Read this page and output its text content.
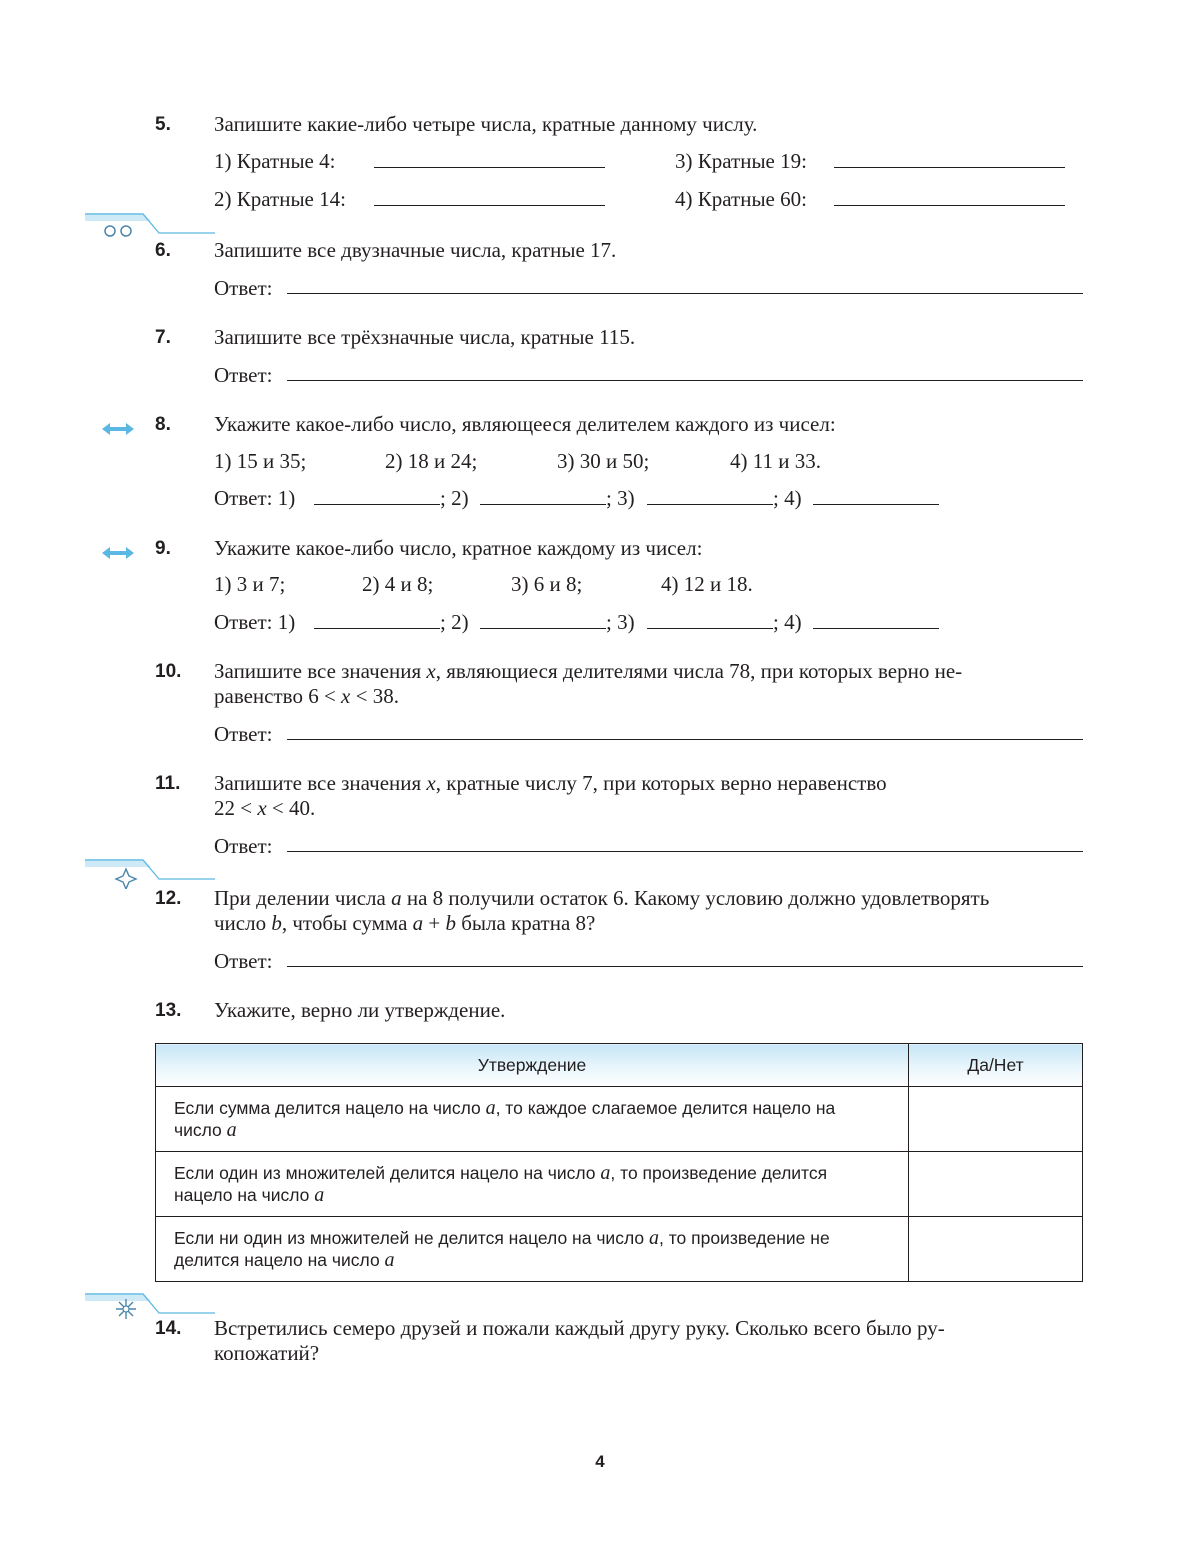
5. Запишите какие-либо четыре числа, кратные данному числу.
1) Кратные 4:
2) Кратные 14:
3) Кратные 19:
4) Кратные 60:
6. Запишите все двузначные числа, кратные 17.
Ответ:
7. Запишите все трёхзначные числа, кратные 115.
Ответ:
8. Укажите какое-либо число, являющееся делителем каждого из чисел:
1) 15 и 35;	2) 18 и 24;	3) 30 и 50;	4) 11 и 33.
Ответ: 1)	; 2)	; 3)	; 4)
9. Укажите какое-либо число, кратное каждому из чисел:
1) 3 и 7;	2) 4 и 8;	3) 6 и 8;	4) 12 и 18.
Ответ: 1)	; 2)	; 3)	; 4)
10. Запишите все значения x, являющиеся делителями числа 78, при которых верно не-
равенство 6 < x < 38.
Ответ:
11. Запишите все значения x, кратные числу 7, при которых верно неравенство
22 < x < 40.
Ответ:
12. При делении числа a на 8 получили остаток 6. Какому условию должно удовлетворять
число b, чтобы сумма a + b была кратна 8?
Ответ:
13. Укажите, верно ли утверждение.
Утверждение	Да/Нет
Если сумма делится нацело на число a, то каждое слагаемое делится нацело на
число a	
Если один из множителей делится нацело на число a, то произведение делится
нацело на число a	
Если ни один из множителей не делится нацело на число a, то произведение не
делится нацело на число a	
14. Встретились семеро друзей и пожали каждый другу руку. Сколько всего было ру-
копожатий?
4
